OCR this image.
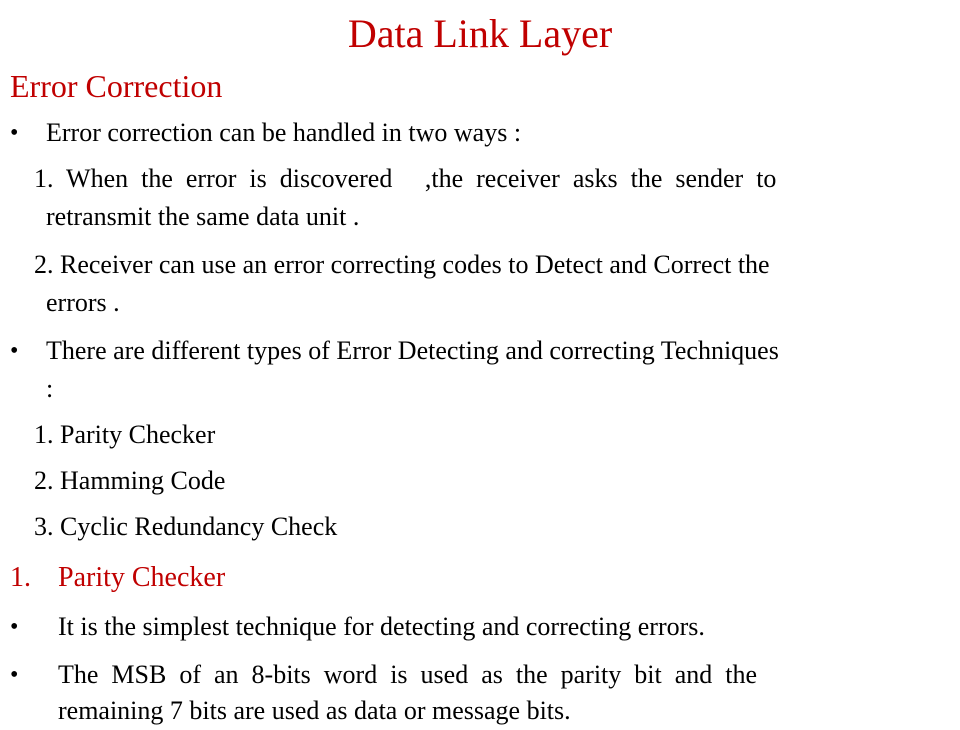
Data Link Layer
Error Correction
• Error correction can be handled in two ways :
1.  When  the  error  is  discovered     ,the  receiver  asks  the  sender  to
retransmit the same data unit .
2. Receiver can use an error correcting codes to Detect and Correct the
errors .
• There are different types of Error Detecting and correcting Techniques
:
1. Parity Checker
2. Hamming Code
3. Cyclic Redundancy Check
1. Parity Checker
• It is the simplest technique for detecting and correcting errors.
• The  MSB  of  an  8-bits  word  is  used  as  the  parity  bit  and  the
remaining 7 bits are used as data or message bits.
